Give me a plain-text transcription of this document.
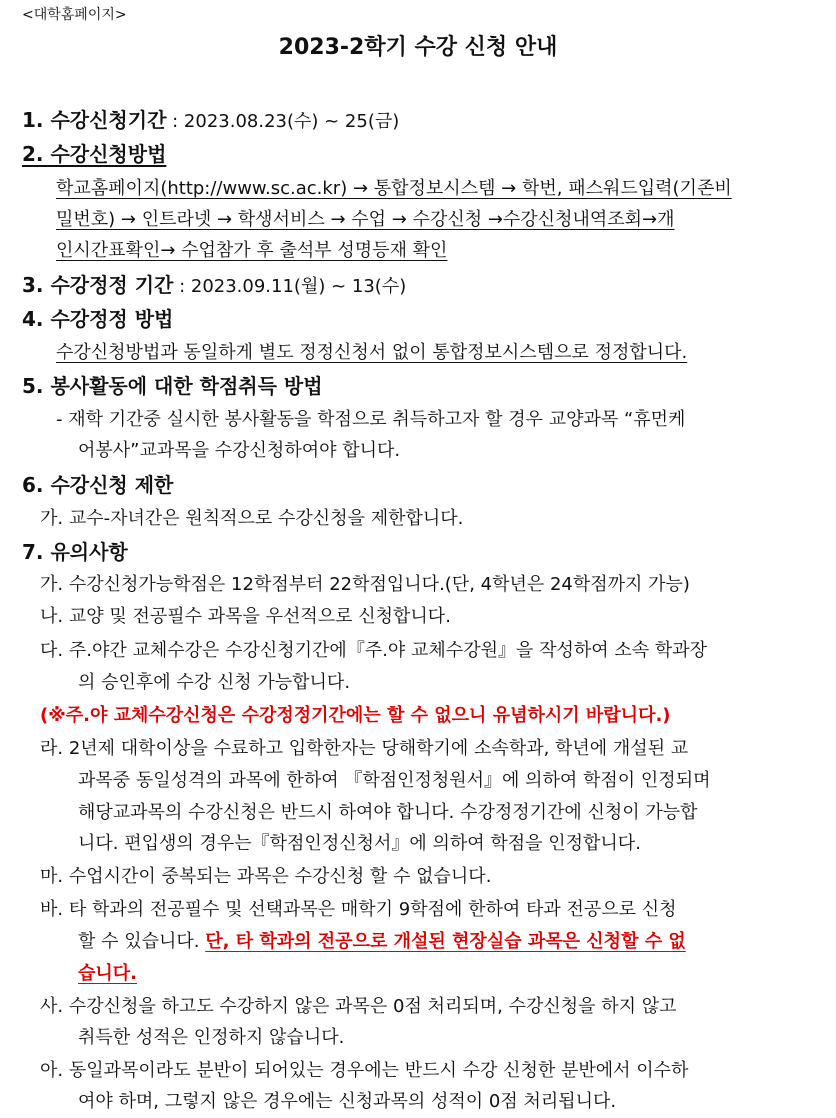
<대학홈페이지>
2023-2학기 수강 신청 안내
1. 수강신청기간 : 2023.08.23(수) ~ 25(금)
2. 수강신청방법
학교홈페이지(http://www.sc.ac.kr) → 통합정보시스템 → 학번, 패스워드입력(기존비
밀번호) → 인트라넷 → 학생서비스 → 수업 → 수강신청 →수강신청내역조회→개
인시간표확인→ 수업참가 후 출석부 성명등재 확인
3. 수강정정 기간 : 2023.09.11(월) ~ 13(수)
4. 수강정정 방법
수강신청방법과 동일하게 별도 정정신청서 없이 통합정보시스템으로 정정합니다.
5. 봉사활동에 대한 학점취득 방법
- 재학 기간중 실시한 봉사활동을 학점으로 취득하고자 할 경우 교양과목 “휴먼케
어봉사”교과목을 수강신청하여야 합니다.
6. 수강신청 제한
가. 교수-자녀간은 원칙적으로 수강신청을 제한합니다.
7. 유의사항
가. 수강신청가능학점은 12학점부터 22학점입니다.(단, 4학년은 24학점까지 가능)
나. 교양 및 전공필수 과목을 우선적으로 신청합니다.
다. 주.야간 교체수강은 수강신청기간에『주.야 교체수강원』을 작성하여 소속 학과장
의 승인후에 수강 신청 가능합니다.
(※주.야 교체수강신청은 수강정정기간에는 할 수 없으니 유념하시기 바랍니다.)
라. 2년제 대학이상을 수료하고 입학한자는 당해학기에 소속학과, 학년에 개설된 교
과목중 동일성격의 과목에 한하여 『학점인정청원서』에 의하여 학점이 인정되며
해당교과목의 수강신청은 반드시 하여야 합니다. 수강정정기간에 신청이 가능합
니다. 편입생의 경우는『학점인정신청서』에 의하여 학점을 인정합니다.
마. 수업시간이 중복되는 과목은 수강신청 할 수 없습니다.
바. 타 학과의 전공필수 및 선택과목은 매학기 9학점에 한하여 타과 전공으로 신청
할 수 있습니다. 단, 타 학과의 전공으로 개설된 현장실습 과목은 신청할 수 없
습니다.
사. 수강신청을 하고도 수강하지 않은 과목은 0점 처리되며, 수강신청을 하지 않고
취득한 성적은 인정하지 않습니다.
아. 동일과목이라도 분반이 되어있는 경우에는 반드시 수강 신청한 분반에서 이수하
여야 하며, 그렇지 않은 경우에는 신청과목의 성적이 0점 처리됩니다.
